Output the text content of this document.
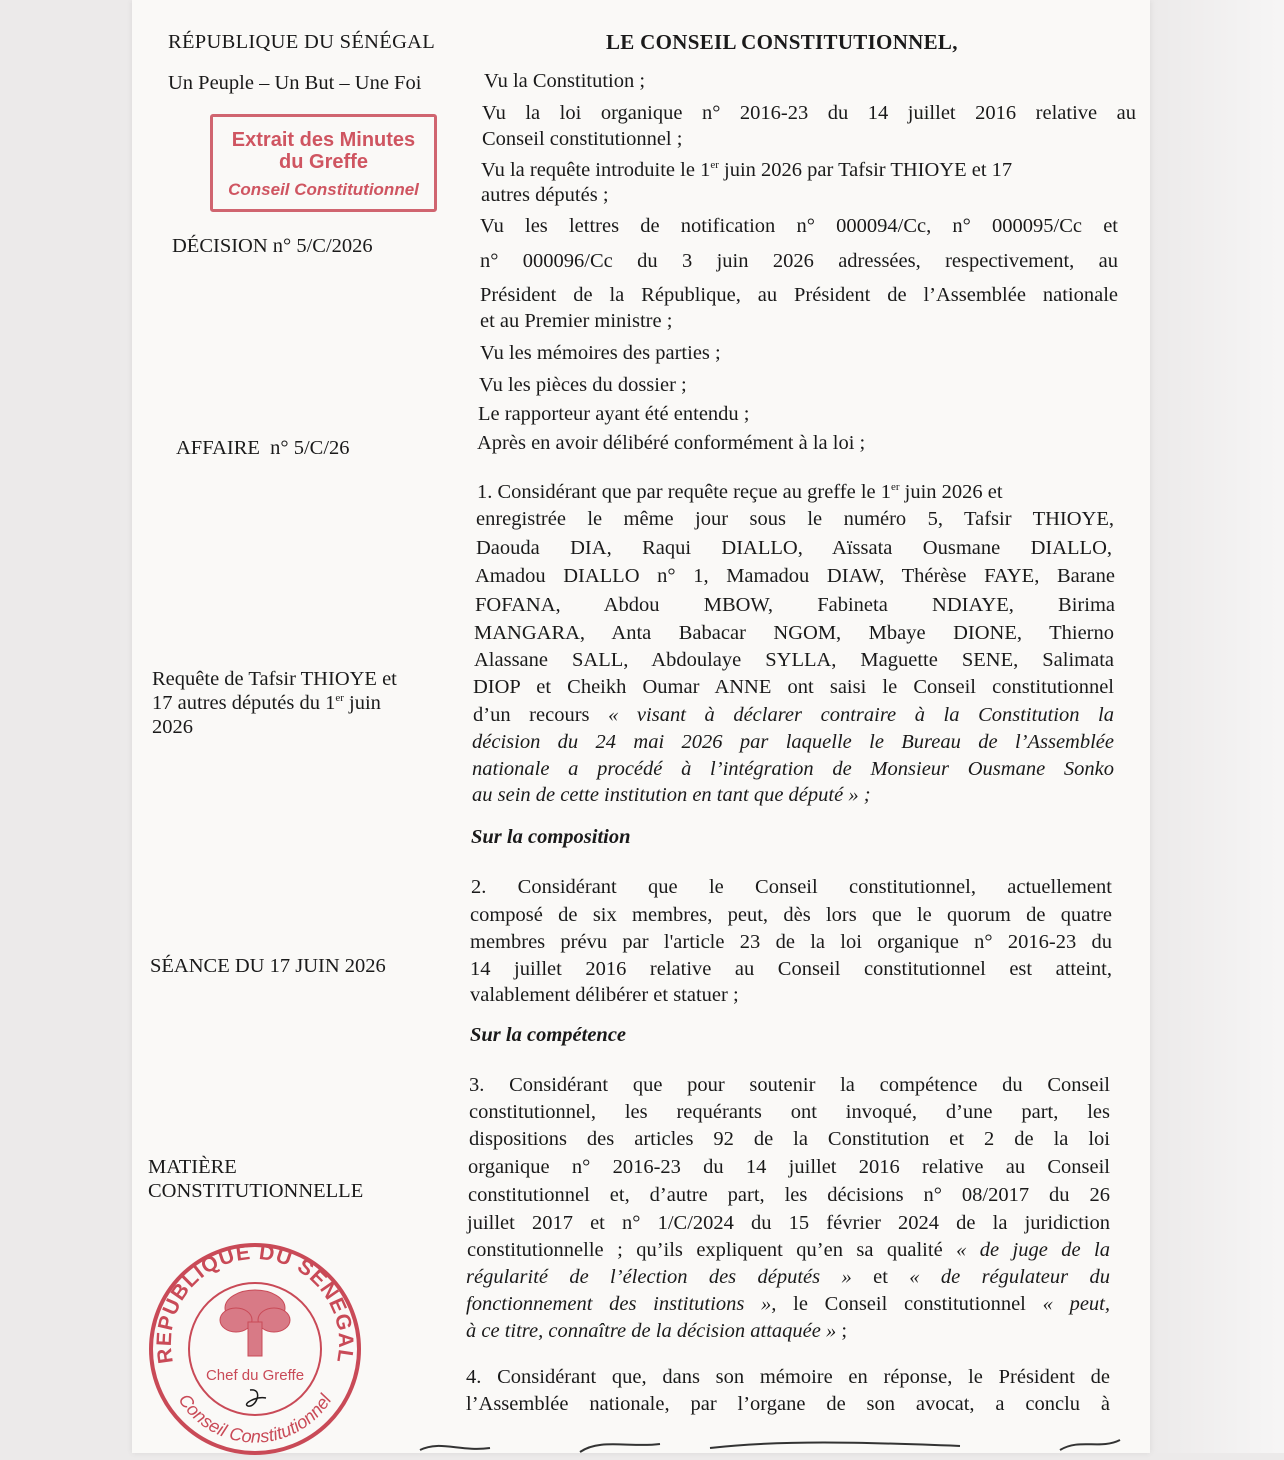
RÉPUBLIQUE DU SÉNÉGAL
Un Peuple – Un But – Une Foi
LE CONSEIL CONSTITUTIONNEL,
Extrait des Minutes
du Greffe
Conseil Constitutionnel
DÉCISION n° 5/C/2026
AFFAIRE  n° 5/C/26
Requête de Tafsir THIOYE et
17 autres députés du 1er juin
2026
SÉANCE DU 17 JUIN 2026
MATIÈRE
CONSTITUTIONNELLE
REPUBLIQUE DU SENEGAL
Conseil Constitutionnel
Chef du Greffe
Vu la Constitution ;
Vu la loi organique n° 2016-23 du 14 juillet 2016 relative au
Conseil constitutionnel ;
Vu la requête introduite le 1er juin 2026 par Tafsir THIOYE et 17
autres députés ;
Vu les lettres de notification n° 000094/Cc, n° 000095/Cc et
n° 000096/Cc du 3 juin 2026 adressées, respectivement, au
Président de la République, au Président de l’Assemblée nationale
et au Premier ministre ;
Vu les mémoires des parties ;
Vu les pièces du dossier ;
Le rapporteur ayant été entendu ;
Après en avoir délibéré conformément à la loi ;
1. Considérant que par requête reçue au greffe le 1er juin 2026 et
enregistrée le même jour sous le numéro 5, Tafsir THIOYE,
Daouda DIA, Raqui DIALLO, Aïssata Ousmane DIALLO,
Amadou DIALLO n° 1, Mamadou DIAW, Thérèse FAYE, Barane
FOFANA, Abdou MBOW, Fabineta NDIAYE, Birima
MANGARA, Anta Babacar NGOM, Mbaye DIONE, Thierno
Alassane SALL, Abdoulaye SYLLA, Maguette SENE, Salimata
DIOP et Cheikh Oumar ANNE ont saisi le Conseil constitutionnel
d’un recours « visant à déclarer contraire à la Constitution la
décision du 24 mai 2026 par laquelle le Bureau de l’Assemblée
nationale a procédé à l’intégration de Monsieur Ousmane Sonko
au sein de cette institution en tant que député » ;
Sur la composition
2. Considérant que le Conseil constitutionnel, actuellement
composé de six membres, peut, dès lors que le quorum de quatre
membres prévu par l'article 23 de la loi organique n° 2016-23 du
14 juillet 2016 relative au Conseil constitutionnel est atteint,
valablement délibérer et statuer ;
Sur la compétence
3. Considérant que pour soutenir la compétence du Conseil
constitutionnel, les requérants ont invoqué, d’une part, les
dispositions des articles 92 de la Constitution et 2 de la loi
organique n° 2016-23 du 14 juillet 2016 relative au Conseil
constitutionnel et, d’autre part, les décisions n° 08/2017 du 26
juillet 2017 et n° 1/C/2024 du 15 février 2024 de la juridiction
constitutionnelle ; qu’ils expliquent qu’en sa qualité « de juge de la
régularité de l’élection des députés » et « de régulateur du
fonctionnement des institutions », le Conseil constitutionnel « peut,
à ce titre, connaître de la décision attaquée » ;
4. Considérant que, dans son mémoire en réponse, le Président de
l’Assemblée nationale, par l’organe de son avocat, a conclu à
